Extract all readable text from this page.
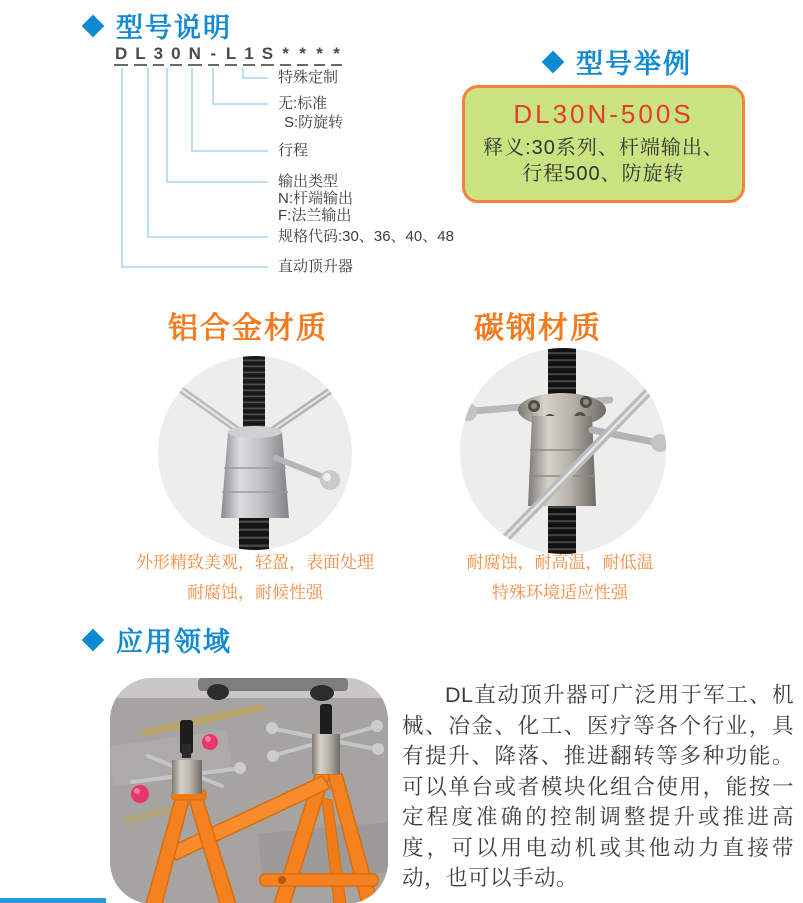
型号说明
D L 3 0 N - L 1 S * * * *
特殊定制
无:标准
S:防旋转
行程
输出类型
N:杆端输出
F:法兰输出
规格代码:30、36、40、48
直动顶升器
型号举例
DL30N-500S
释义:30系列、杆端输出、
行程500、防旋转
铝合金材质	碳钢材质
外形精致美观，轻盈，表面处理
耐腐蚀，耐候性强
耐腐蚀，耐高温，耐低温
特殊环境适应性强
应用领域
DL直动顶升器可广泛用于军工、机械、冶金、化工、医疗等各个行业，具有提升、降落、推进翻转等多种功能。可以单台或者模块化组合使用，能按一定程度准确的控制调整提升或推进高度，可以用电动机或其他动力直接带动，也可以手动。
